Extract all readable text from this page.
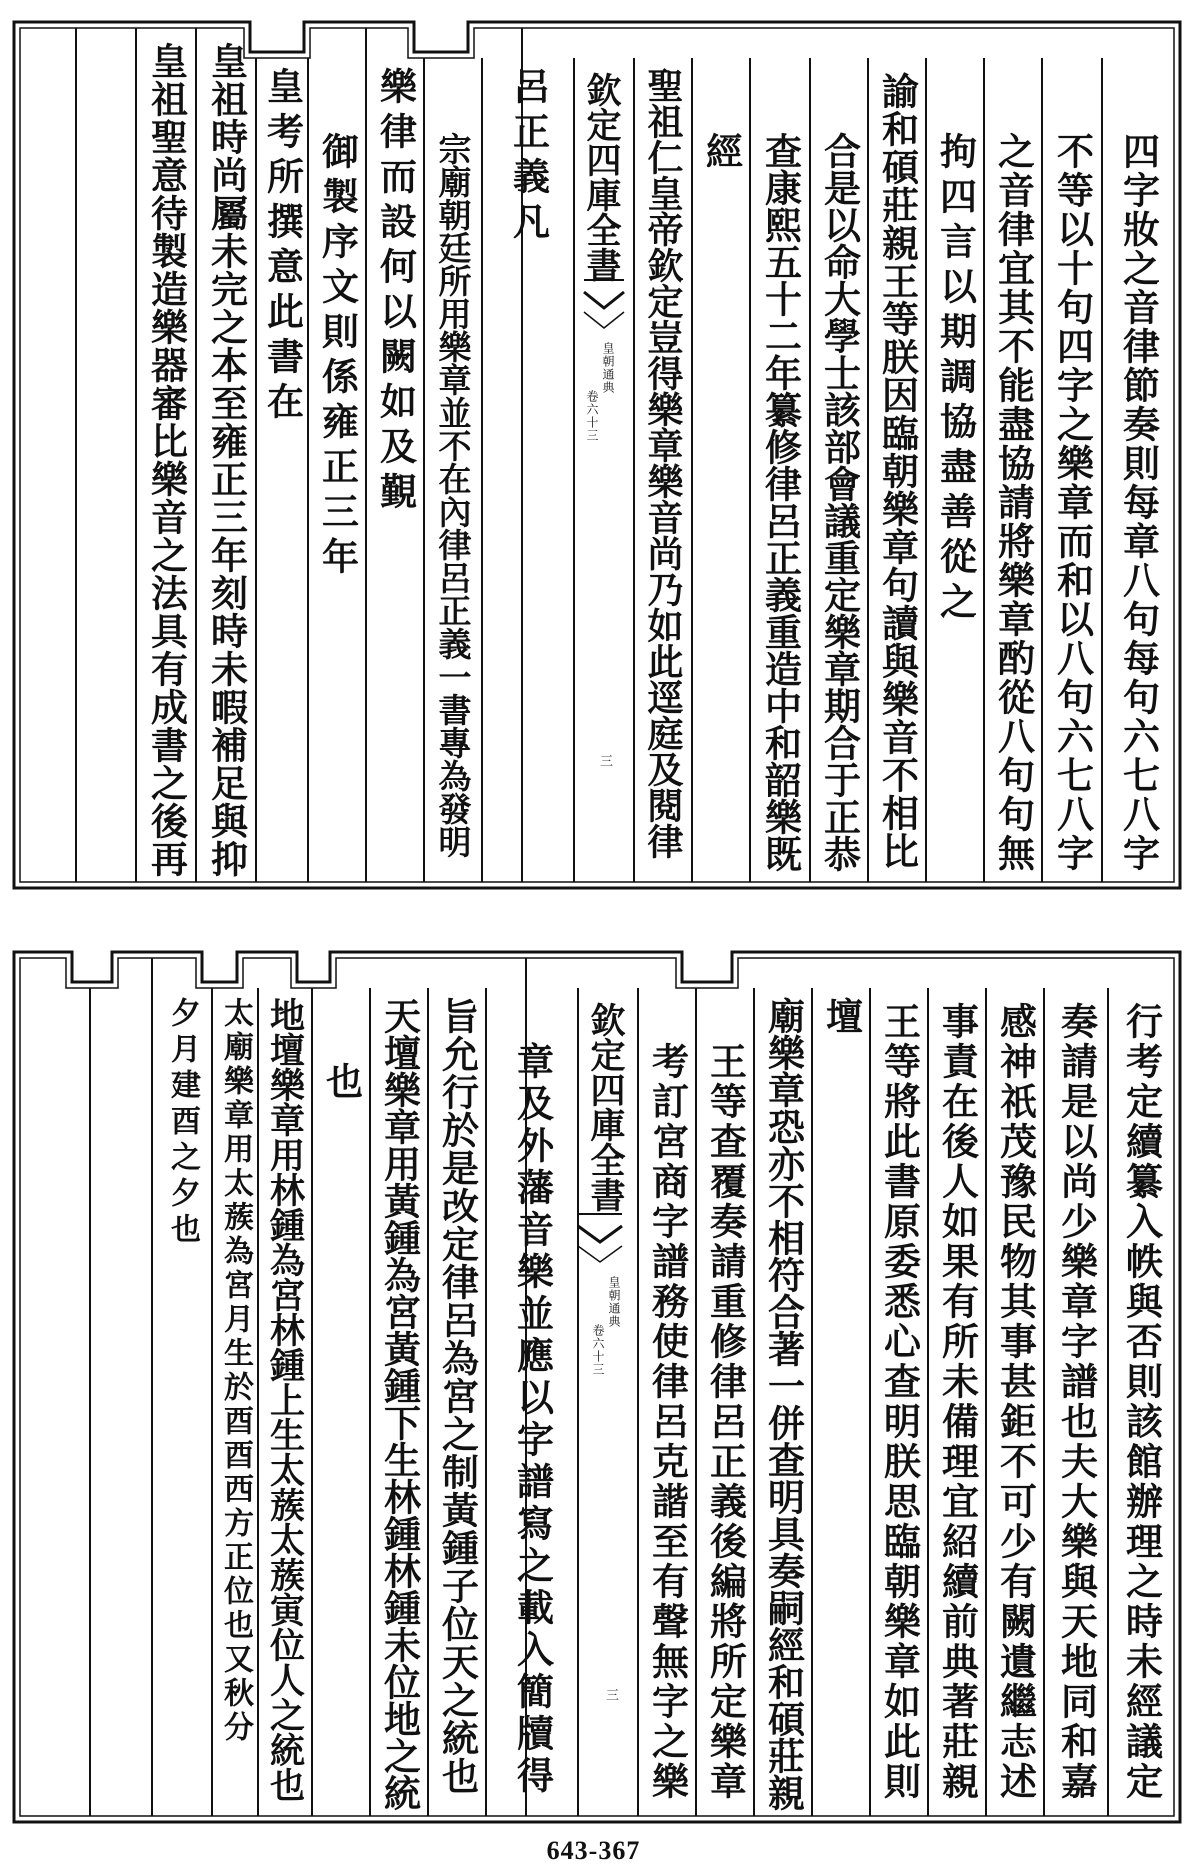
四字妝之音律節奏則每章八句每句六七八字
不等以十句四字之樂章而和以八句六七八字
之音律宜其不能盡協請將樂章酌從八句句無
拘四言以期調協盡善從之
諭和碩莊親王等朕因臨朝樂章句讀與樂音不相比
合是以命大學士該部會議重定樂章期合于正恭
查康熙五十二年纂修律呂正義重造中和韶樂既
經
聖祖仁皇帝欽定豈得樂章樂音尚乃如此逕庭及閱律
欽定四庫全書
皇朝通典
卷六十三
三
呂正義凡
宗廟朝廷所用樂章並不在內律呂正義一書專為發明
樂律而設何以闕如及覲
御製序文則係雍正三年
皇考所撰意此書在
皇祖時尚屬未完之本至雍正三年刻時未暇補足與抑
皇祖聖意待製造樂器審比樂音之法具有成書之後再
行考定續纂入帙與否則該館辦理之時未經議定
奏請是以尚少樂章字譜也夫大樂與天地同和嘉
感神祇茂豫民物其事甚鉅不可少有闕遺繼志述
事責在後人如果有所未備理宜紹續前典著莊親
王等將此書原委悉心查明朕思臨朝樂章如此則
壇
廟樂章恐亦不相符合著一併查明具奏嗣經和碩莊親
王等查覆奏請重修律呂正義後編將所定樂章
考訂宮商字譜務使律呂克諧至有聲無字之樂
欽定四庫全書
皇朝通典
卷六十三
三
章及外藩音樂並應以字譜寫之載入簡牘得
旨允行於是改定律呂為宮之制黃鍾子位天之統也
天壇樂章用黃鍾為宮黃鍾下生林鍾林鍾未位地之統
也
地壇樂章用林鍾為宮林鍾上生太蔟太蔟寅位人之統也
太廟樂章用太蔟為宮月生於酉酉西方正位也又秋分
夕月建酉之夕也
643-367
